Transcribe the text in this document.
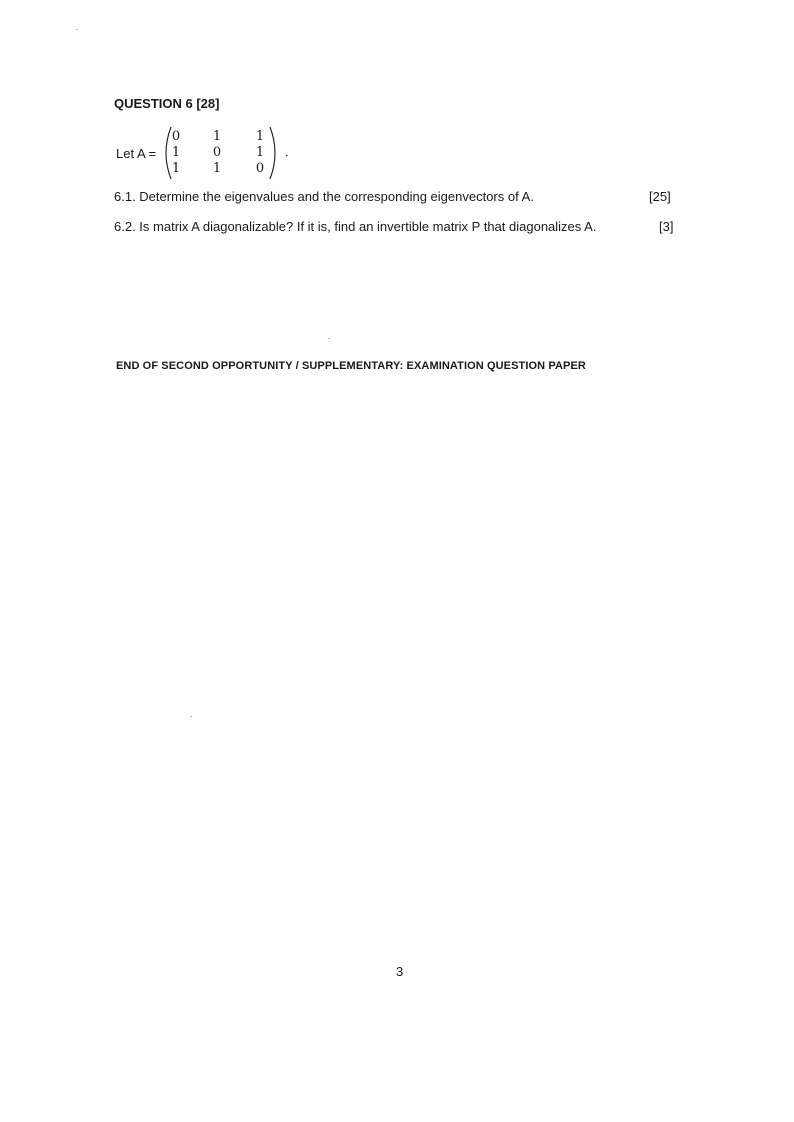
QUESTION 6 [28]
Let A =
0	1	1
1	0	1
1	1	0
.
6.1. Determine the eigenvalues and the corresponding eigenvectors of A.	[25]
6.2. Is matrix A diagonalizable? If it is, find an invertible matrix P that diagonalizes A.	[3]
END OF SECOND OPPORTUNITY / SUPPLEMENTARY: EXAMINATION QUESTION PAPER
3
